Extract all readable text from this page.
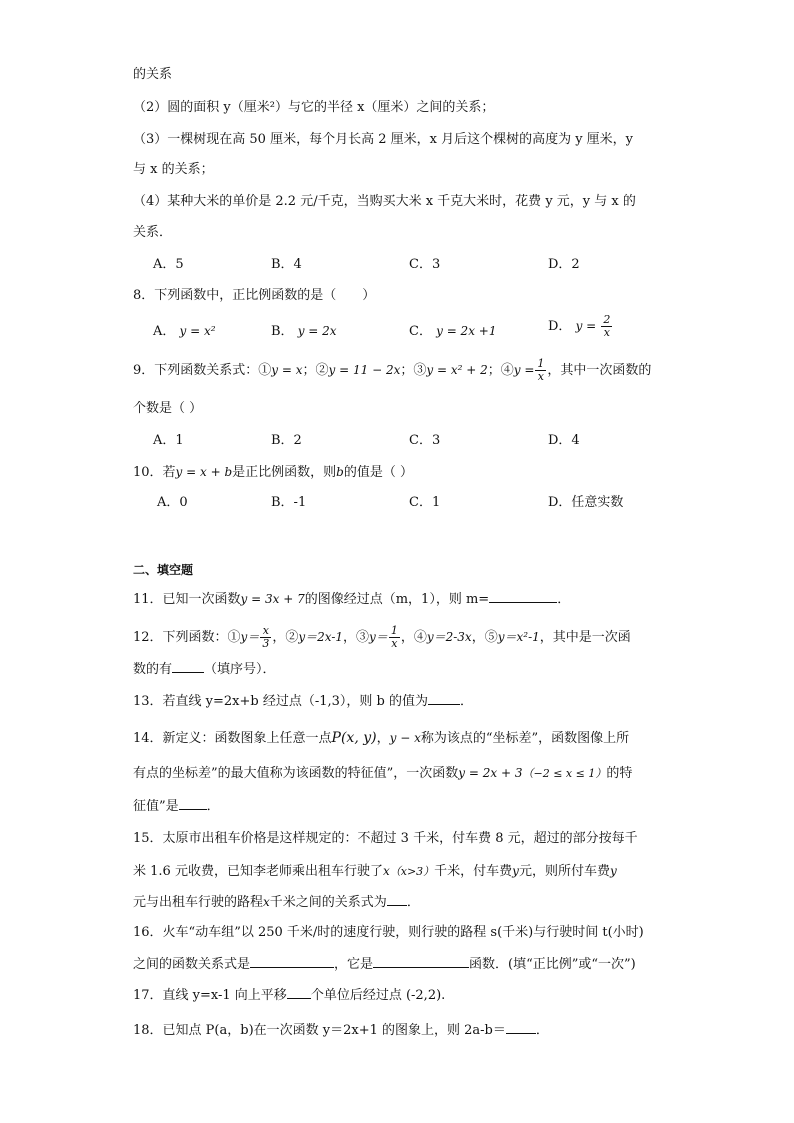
的关系
（2）圆的面积 y（厘米²）与它的半径 x（厘米）之间的关系；
（3）一棵树现在高 50 厘米，每个月长高 2 厘米，x 月后这个棵树的高度为 y 厘米，y
与 x 的关系；
（4）某种大米的单价是 2.2 元/千克，当购买大米 x 千克大米时，花费 y 元，y 与 x 的
关系．
A．5	B．4	C．3	D．2
8．下列函数中，正比例函数的是（　　）
A． y = x²	B． y = 2x	C． y = 2x +1	D． $y = \frac{2}{x}$
9．下列函数关系式：①y = x；②y = 11 − 2x；③y = x² + 2；④y = $\frac{1}{x}$ ，其中一次函数的
个数是（ ）
A．1	B．2	C．3	D．4
10．若y = x + b是正比例函数，则b的值是（ ）
A．0	B．-1	C．1	D．任意实数
二、填空题
11．已知一次函数y = 3x + 7的图像经过点（m，1），则 m=	．
12．下列函数：①y＝ $\frac{x}{3}$ ，②y＝2x-1，③y＝ $\frac{1}{x}$ ，④y＝2-3x，⑤y＝x²-1，其中是一次函
数的有 （填序号）．
13．若直线 y=2x+b 经过点（-1,3），则 b 的值为 ．
14．新定义：函数图象上任意一点P(x, y)，y − x称为该点的“坐标差”，函数图像上所
有点的坐标差”的最大值称为该函数的特征值”，一次函数y = 2x + 3（−2 ≤ x ≤ 1）的特
征值”是 ．
15．太原市出租车价格是这样规定的：不超过 3 千米，付车费 8 元，超过的部分按每千
米 1.6 元收费，已知李老师乘出租车行驶了x（x>3）千米，付车费y元，则所付车费y
元与出租车行驶的路程x千米之间的关系式为 ．
16．火车“动车组”以 250 千米/时的速度行驶，则行驶的路程 s(千米)与行驶时间 t(小时)
之间的函数关系式是	，它是	函数．(填“正比例”或“一次”)
17．直线 y=x-1 向上平移 个单位后经过点 (-2,2).
18．已知点 P(a，b)在一次函数 y＝2x+1 的图象上，则 2a-b＝ ．
